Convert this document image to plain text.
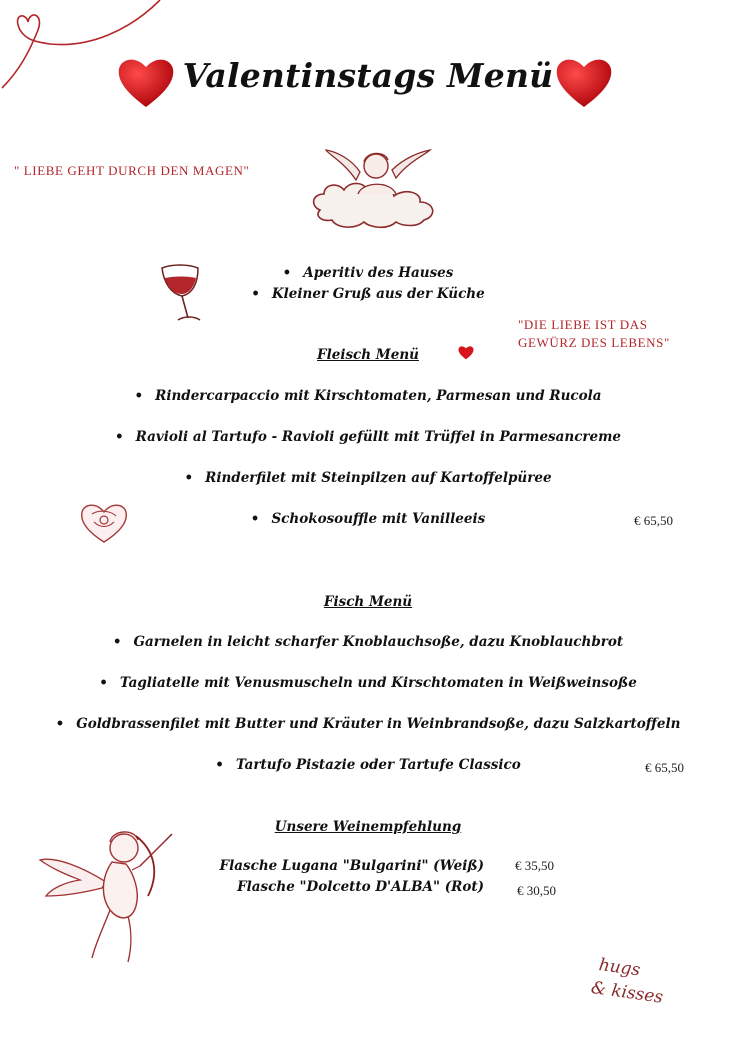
Valentinstags Menü
" LIEBE GEHT DURCH DEN MAGEN"
• Aperitiv des Hauses
• Kleiner Gruß aus der Küche
"DIE LIEBE IST DAS
GEWÜRZ DES LEBENS"
Fleisch Menü
• Rindercarpaccio mit Kirschtomaten, Parmesan und Rucola
• Ravioli al Tartufo - Ravioli gefüllt mit Trüffel in Parmesancreme
• Rinderfilet mit Steinpilzen auf Kartoffelpüree
• Schokosouffle mit Vanilleeis	€ 65,50
Fisch Menü
• Garnelen in leicht scharfer Knoblauchsoße, dazu Knoblauchbrot
• Tagliatelle mit Venusmuscheln und Kirschtomaten in Weißweinsoße
• Goldbrassenfilet mit Butter und Kräuter in Weinbrandsoße, dazu Salzkartoffeln
• Tartufo Pistazie oder Tartufe Classico	€ 65,50
Unsere Weinempfehlung
Flasche Lugana "Bulgarini" (Weiß) € 35,50
Flasche "Dolcetto D'ALBA" (Rot)	€ 30,50
hugs
& kisses
